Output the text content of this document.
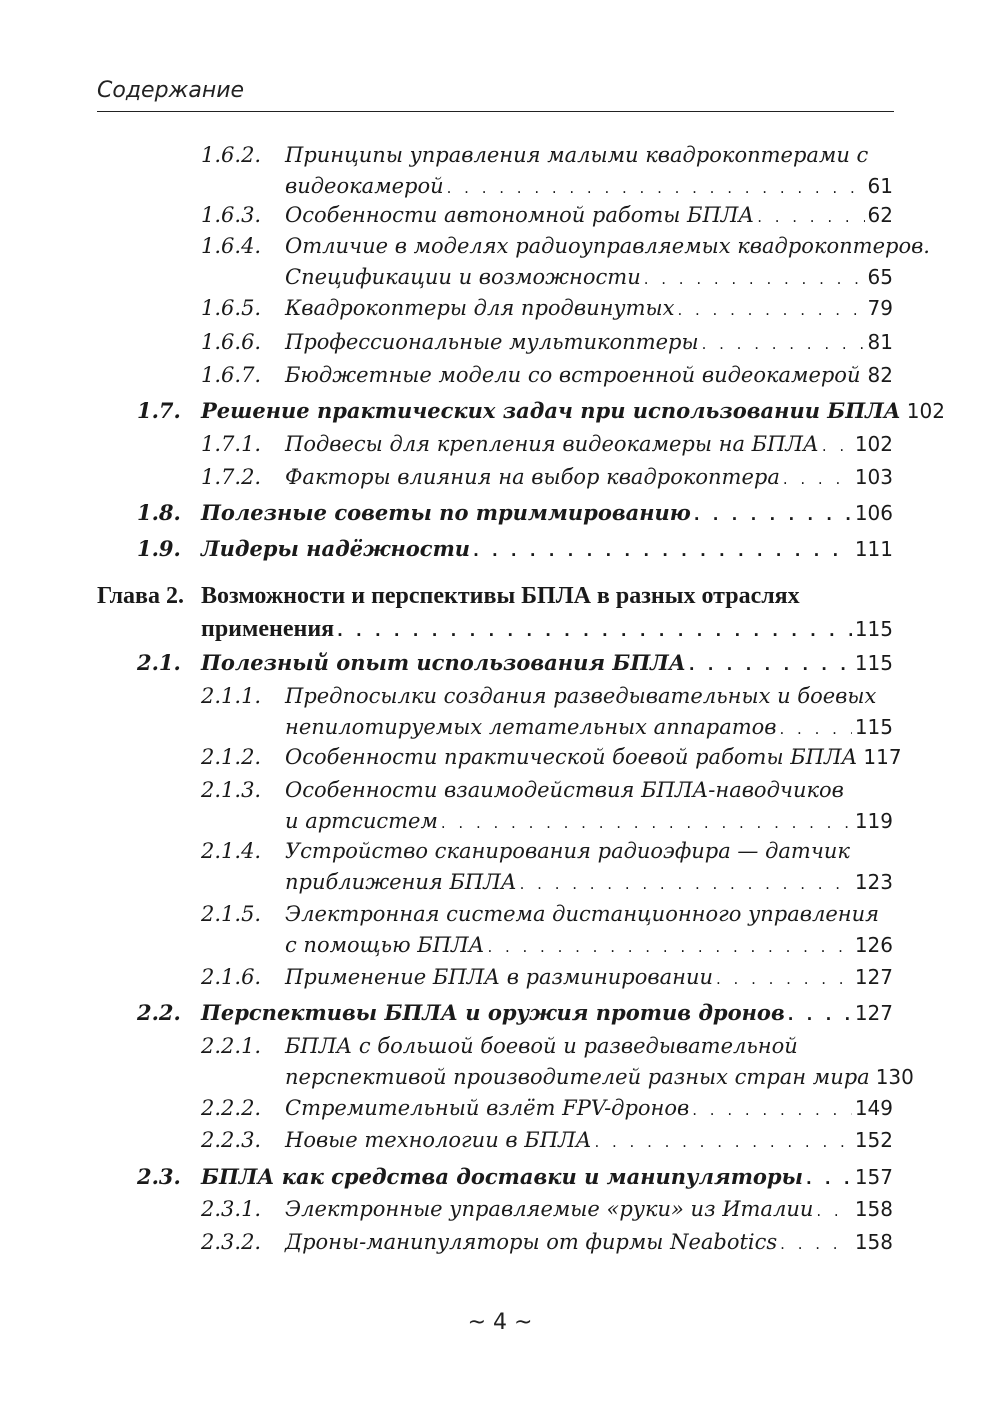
Содержание
1.6.2. Принципы управления малыми квадрокоптерами с
видеокамерой . . .	61
1.6.3. Особенности автономной работы БПЛА . . .	62
1.6.4. Отличие в моделях радиоуправляемых квадрокоптеров.
Спецификации и возможности . . .	65
1.6.5. Квадрокоптеры для продвинутых . . .	79
1.6.6. Профессиональные мультикоптеры . . .	81
1.6.7. Бюджетные модели со встроенной видеокамерой . . . 82
1.7. Решение практических задач при использовании БПЛА 102
1.7.1. Подвесы для крепления видеокамеры на БПЛА . . . 102
1.7.2. Факторы влияния на выбор квадрокоптера . . .	103
1.8. Полезные советы по триммированию . . .	106
1.9. Лидеры надёжности . . .	111
Глава 2. Возможности и перспективы БПЛА в разных отраслях
применения . . .	115
2.1. Полезный опыт использования БПЛА . . .	115
2.1.1. Предпосылки создания разведывательных и боевых
непилотируемых летательных аппаратов . . .	115
2.1.2. Особенности практической боевой работы БПЛА 117
2.1.3. Особенности взаимодействия БПЛА-наводчиков
и артсистем . . .	119
2.1.4. Устройство сканирования радиоэфира — датчик
приближения БПЛА . . .	123
2.1.5. Электронная система дистанционного управления
с помощью БПЛА . . .	126
2.1.6. Применение БПЛА в разминировании . . .	127
2.2. Перспективы БПЛА и оружия против дронов . . .	127
2.2.1. БПЛА с большой боевой и разведывательной
перспективой производителей разных стран мира 130
2.2.2. Стремительный взлёт FPV-дронов . . .	149
2.2.3. Новые технологии в БПЛА . . .	152
2.3. БПЛА как средства доставки и манипуляторы . . .	157
2.3.1. Электронные управляемые «руки» из Италии . . . 158
2.3.2. Дроны-манипуляторы от фирмы Neabotics . . .	158
~ 4 ~
